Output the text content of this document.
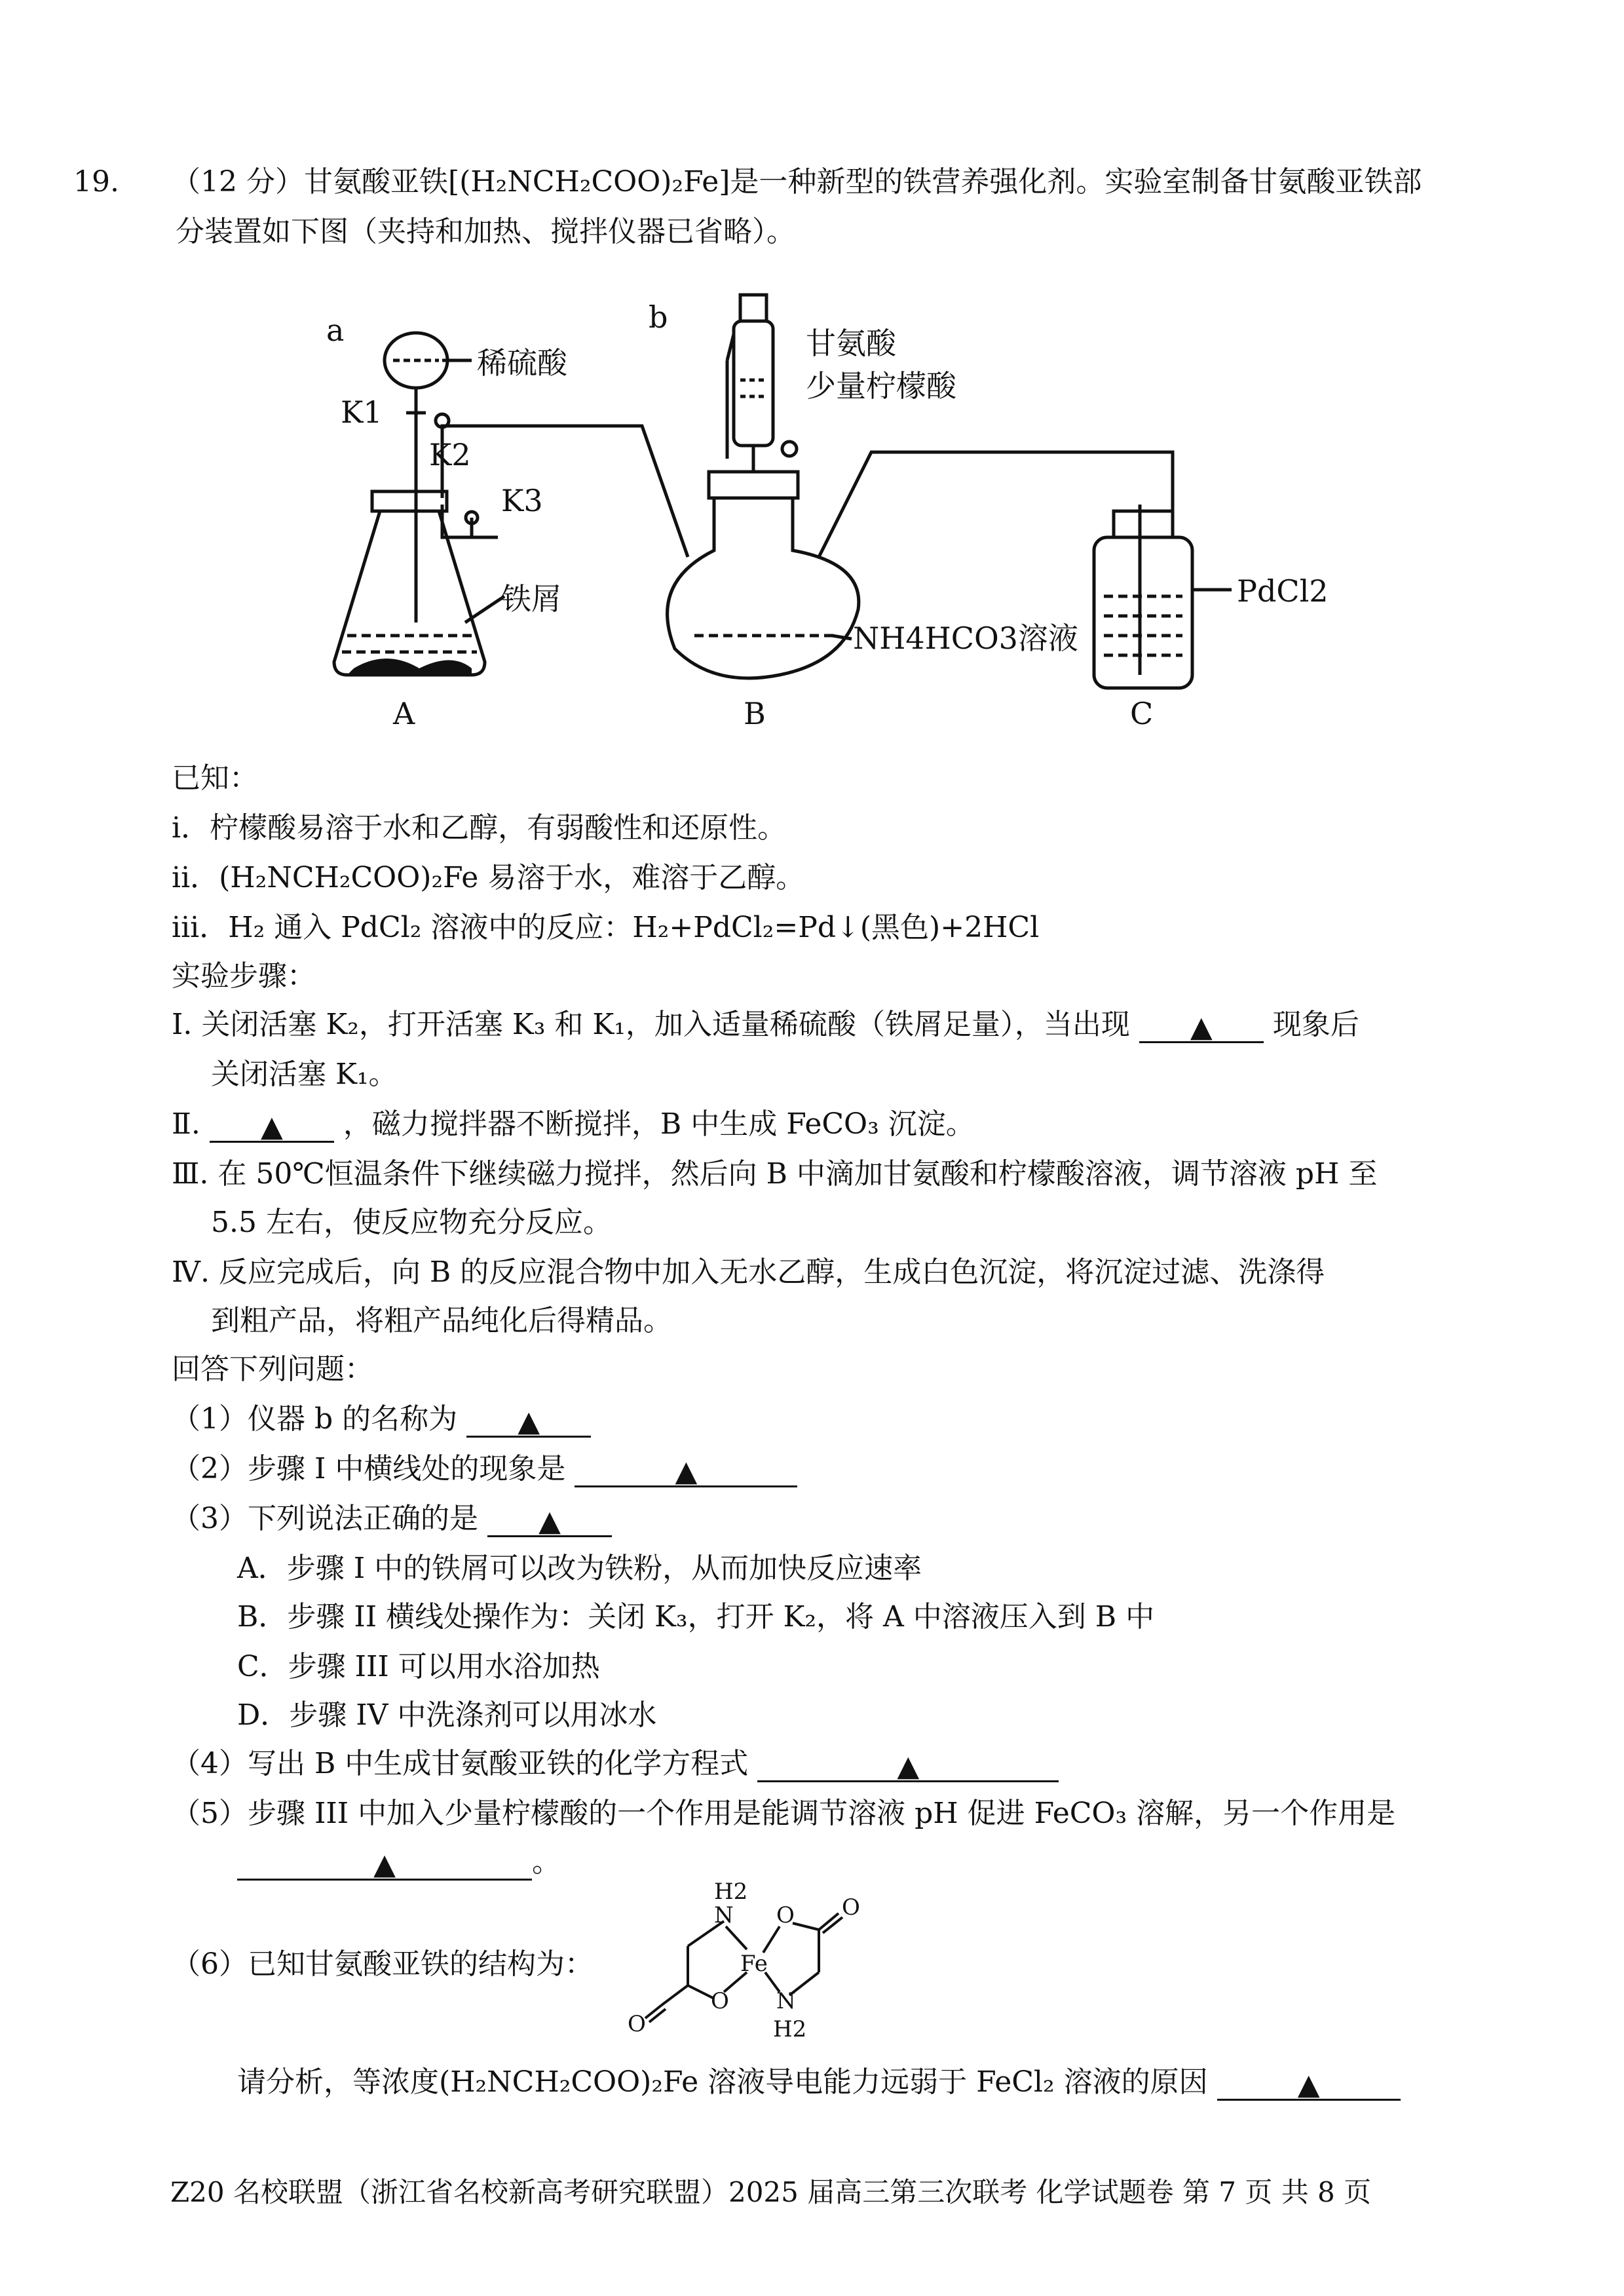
19. （12 分）甘氨酸亚铁[(H₂NCH₂COO)₂Fe]是一种新型的铁营养强化剂。实验室制备甘氨酸亚铁部
分装置如下图（夹持和加热、搅拌仪器已省略）。
a	b
K1
K2
K3
稀硫酸
铁屑
甘氨酸
少量柠檬酸
NH4HCO3溶液
PdCl2
A	B	C
已知：
i．柠檬酸易溶于水和乙醇，有弱酸性和还原性。
ii．(H₂NCH₂COO)₂Fe 易溶于水，难溶于乙醇。
iii．H₂ 通入 PdCl₂ 溶液中的反应：H₂+PdCl₂=Pd↓(黑色)+2HCl
实验步骤：
Ⅰ. 关闭活塞 K₂，打开活塞 K₃ 和 K₁，加入适量稀硫酸（铁屑足量），当出现 ▲ 现象后
关闭活塞 K₁。
Ⅱ. ▲ ，磁力搅拌器不断搅拌，B 中生成 FeCO₃ 沉淀。
Ⅲ. 在 50℃恒温条件下继续磁力搅拌，然后向 B 中滴加甘氨酸和柠檬酸溶液，调节溶液 pH 至
5.5 左右，使反应物充分反应。
Ⅳ. 反应完成后，向 B 的反应混合物中加入无水乙醇，生成白色沉淀，将沉淀过滤、洗涤得
到粗产品，将粗产品纯化后得精品。
回答下列问题：
（1）仪器 b 的名称为 ▲
（2）步骤 I 中横线处的现象是	▲
（3）下列说法正确的是 ▲
A．步骤 I 中的铁屑可以改为铁粉，从而加快反应速率
B．步骤 II 横线处操作为：关闭 K₃，打开 K₂，将 A 中溶液压入到 B 中
C．步骤 III 可以用水浴加热
D．步骤 IV 中洗涤剂可以用冰水
（4）写出 B 中生成甘氨酸亚铁的化学方程式	▲
（5）步骤 III 中加入少量柠檬酸的一个作用是能调节溶液 pH 促进 FeCO₃ 溶解，另一个作用是
▲	。
（6）已知甘氨酸亚铁的结构为：
H2
N O O
Fe
O
O N
H2
请分析，等浓度(H₂NCH₂COO)₂Fe 溶液导电能力远弱于 FeCl₂ 溶液的原因	▲
Z20 名校联盟（浙江省名校新高考研究联盟）2025 届高三第三次联考 化学试题卷 第 7 页 共 8 页
